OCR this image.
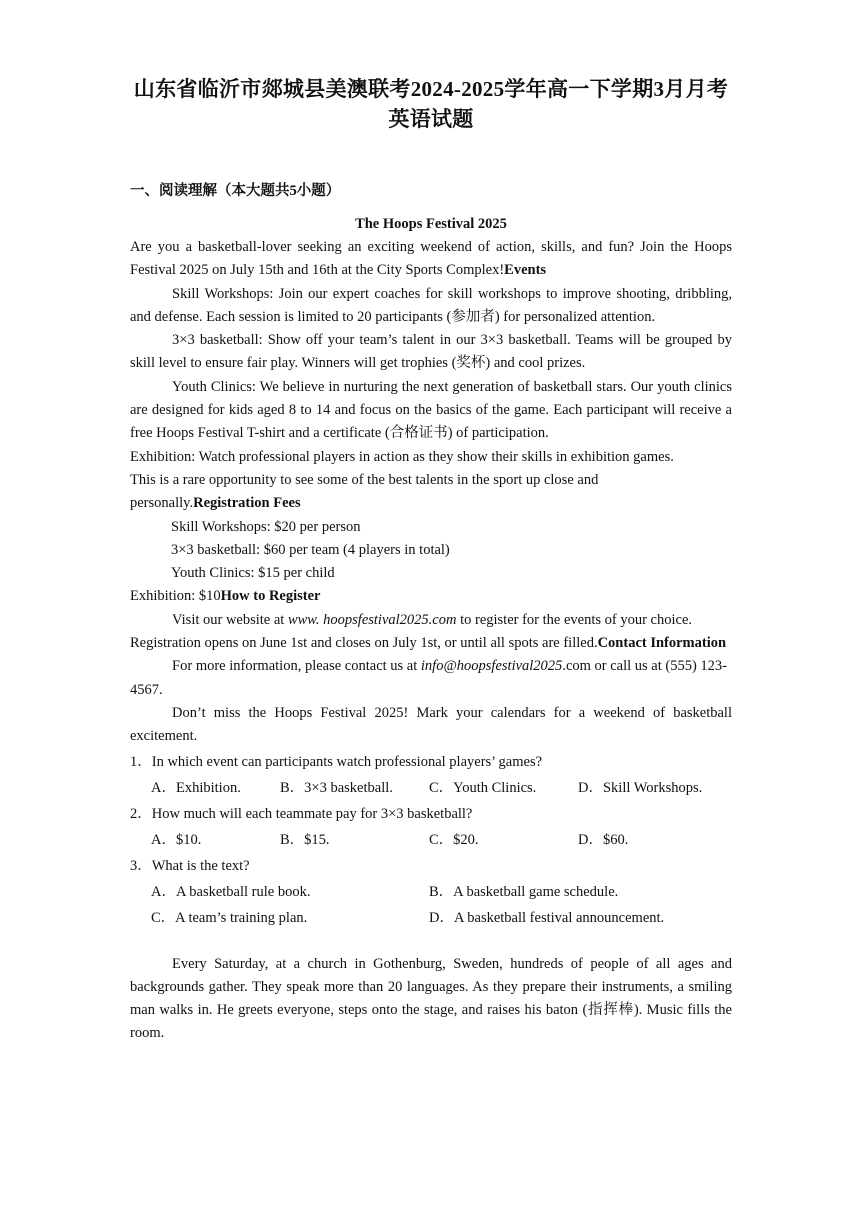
山东省临沂市郯城县美澳联考2024-2025学年高一下学期3月月考英语试题
一、阅读理解（本大题共5小题）
The Hoops Festival 2025

Are you a basketball-lover seeking an exciting weekend of action, skills, and fun? Join the Hoops Festival 2025 on July 15th and 16th at the City Sports Complex!Events

Skill Workshops: Join our expert coaches for skill workshops to improve shooting, dribbling, and defense. Each session is limited to 20 participants (参加者) for personalized attention.

3×3 basketball: Show off your team’s talent in our 3×3 basketball. Teams will be grouped by skill level to ensure fair play. Winners will get trophies (奖杯) and cool prizes.

Youth Clinics: We believe in nurturing the next generation of basketball stars. Our youth clinics are designed for kids aged 8 to 14 and focus on the basics of the game. Each participant will receive a free Hoops Festival T-shirt and a certificate (合格证书) of participation.

Exhibition: Watch professional players in action as they show their skills in exhibition games.

This is a rare opportunity to see some of the best talents in the sport up close and

personally.Registration Fees

Skill Workshops: $20 per person

3×3 basketball: $60 per team (4 players in total)

Youth Clinics: $15 per child

Exhibition: $10How to Register

Visit our website at www. hoopsfestival2025.com to register for the events of your choice. Registration opens on June 1st and closes on July 1st, or until all spots are filled.Contact Information

For more information, please contact us at info@hoopsfestival2025.com or call us at (555) 123-4567.

Don’t miss the Hoops Festival 2025! Mark your calendars for a weekend of basketball excitement.

1．In which event can participants watch professional players’ games?
A．Exhibition.	B．3×3 basketball.	C．Youth Clinics.	D．Skill Workshops.
2．How much will each teammate pay for 3×3 basketball?
A．$10.	B．$15.	C．$20.	D．$60.
3．What is the text?
A．A basketball rule book.	B．A basketball game schedule.
C．A team’s training plan.	D．A basketball festival announcement.

Every Saturday, at a church in Gothenburg, Sweden, hundreds of people of all ages and backgrounds gather. They speak more than 20 languages. As they prepare their instruments, a smiling man walks in. He greets everyone, steps onto the stage, and raises his baton (指挥棒). Music fills the room.
